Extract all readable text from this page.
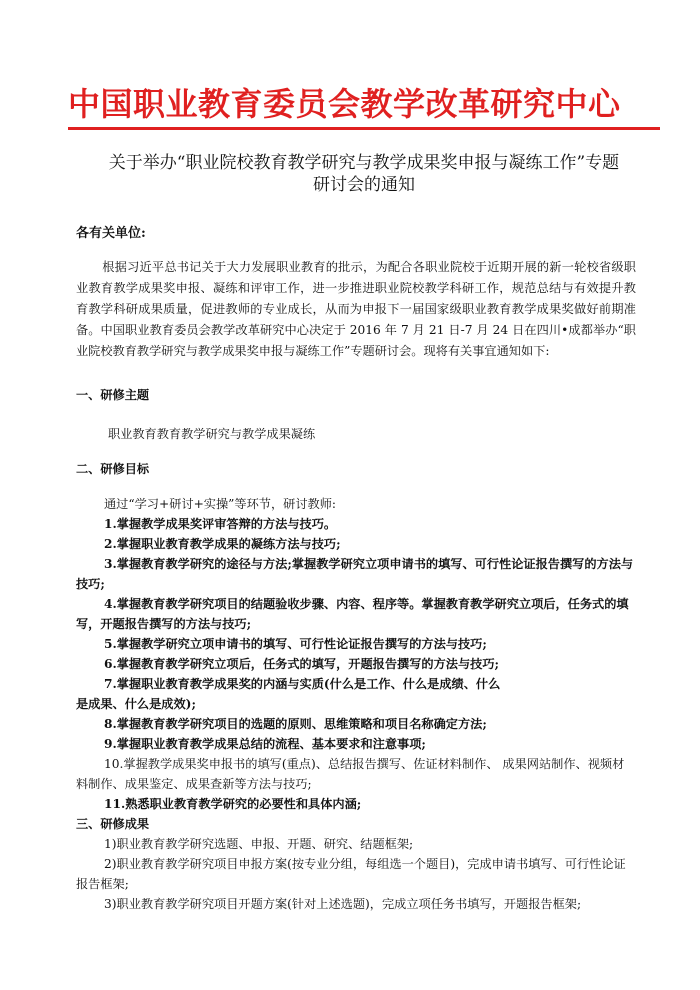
中国职业教育委员会教学改革研究中心
关于举办“职业院校教育教学研究与教学成果奖申报与凝练工作”专题
研讨会的通知
各有关单位:
根据习近平总书记关于大力发展职业教育的批示，为配合各职业院校于近期开展的新一轮校省级职业教育教学成果奖申报、凝练和评审工作，进一步推进职业院校教学科研工作，规范总结与有效提升教育教学科研成果质量，促进教师的专业成长，从而为申报下一届国家级职业教育教学成果奖做好前期准备。中国职业教育委员会教学改革研究中心决定于 2016 年 7 月 21 日-7 月 24 日在四川•成都举办“职业院校教育教学研究与教学成果奖申报与凝练工作”专题研讨会。现将有关事宜通知如下:
一、研修主题
职业教育教育教学研究与教学成果凝练
二、研修目标

通过“学习+研讨+实操”等环节，研讨教师:

1.掌握教学成果奖评审答辩的方法与技巧。

2.掌握职业教育教学成果的凝练方法与技巧;

3.掌握教育教学研究的途径与方法;掌握教学研究立项申请书的填写、可行性论证报告撰写的方法与技巧;

4.掌握教育教学研究项目的结题验收步骤、内容、程序等。掌握教育教学研究立项后，任务式的填写，开题报告撰写的方法与技巧;

5.掌握教学研究立项申请书的填写、可行性论证报告撰写的方法与技巧;

6.掌握教育教学研究立项后，任务式的填写，开题报告撰写的方法与技巧;

7.掌握职业教育教学成果奖的内涵与实质(什么是工作、什么是成绩、什么

是成果、什么是成效);

8.掌握教育教学研究项目的选题的原则、思维策略和项目名称确定方法;

9.掌握职业教育教学成果总结的流程、基本要求和注意事项;

10.掌握教学成果奖申报书的填写(重点)、总结报告撰写、佐证材料制作、 成果网站制作、视频材料制作、成果鉴定、成果查新等方法与技巧;

11.熟悉职业教育教学研究的必要性和具体内涵;

三、研修成果

1)职业教育教学研究选题、申报、开题、研究、结题框架;

2)职业教育教学研究项目申报方案(按专业分组，每组选一个题目)，完成申请书填写、可行性论证报告框架;

3)职业教育教学研究项目开题方案(针对上述选题)，完成立项任务书填写，开题报告框架;
